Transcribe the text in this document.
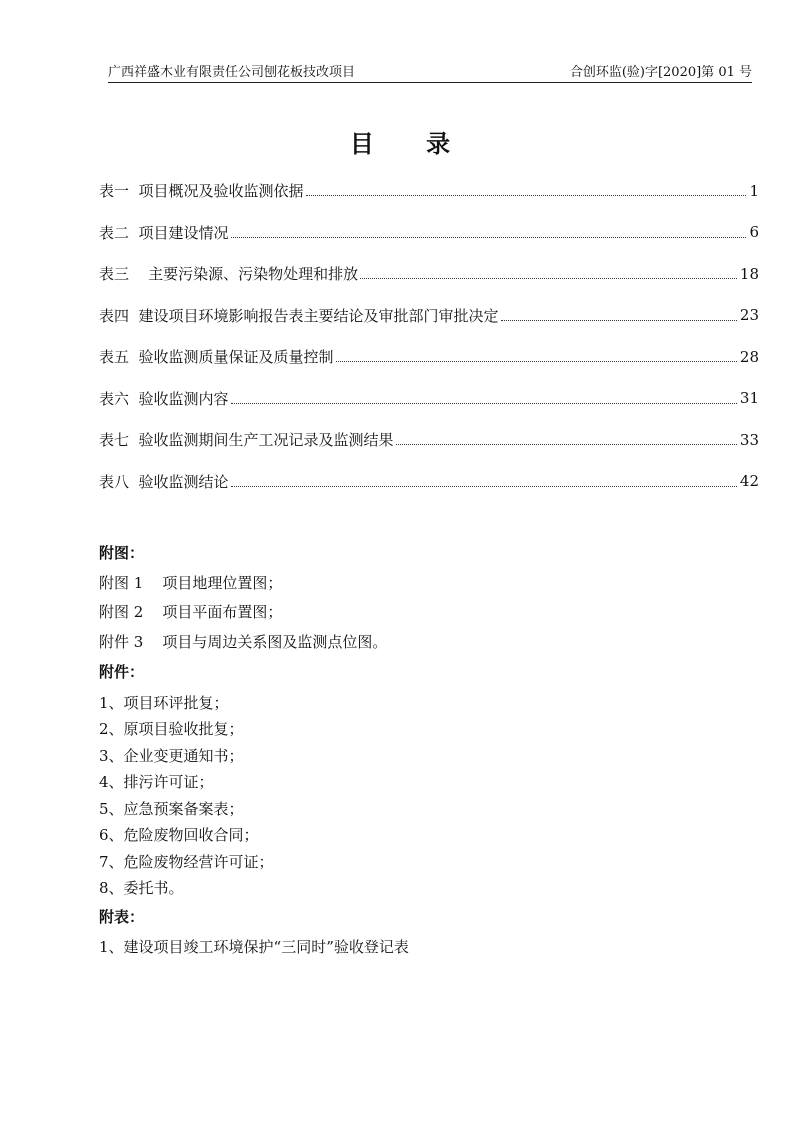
广西祥盛木业有限责任公司刨花板技改项目	合创环监(验)字[2020]第 01 号
目 录
表一  项目概况及验收监测依据	1
表二  项目建设情况	6
表三    主要污染源、污染物处理和排放	18
表四  建设项目环境影响报告表主要结论及审批部门审批决定	23
表五  验收监测质量保证及质量控制	28
表六  验收监测内容	31
表七  验收监测期间生产工况记录及监测结果	33
表八  验收监测结论	42
附图：
附图 1    项目地理位置图；
附图 2    项目平面布置图；
附件 3    项目与周边关系图及监测点位图。
附件：
1、项目环评批复；
2、原项目验收批复；
3、企业变更通知书；
4、排污许可证；
5、应急预案备案表；
6、危险废物回收合同；
7、危险废物经营许可证；
8、委托书。
附表：
1、建设项目竣工环境保护“三同时”验收登记表
